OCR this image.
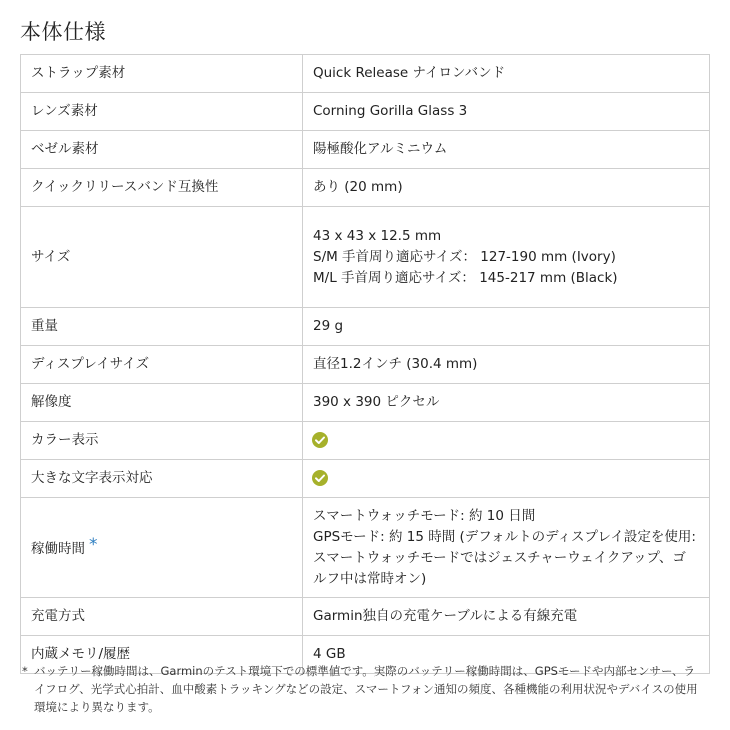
本体仕様
ストラップ素材	Quick Release ナイロンバンド
レンズ素材	Corning Gorilla Glass 3
ベゼル素材	陽極酸化アルミニウム
クイックリリースバンド互換性	あり (20 mm)
サイズ	43 x 43 x 12.5 mm
S/M 手首周り適応サイズ： 127-190 mm (Ivory)
M/L 手首周り適応サイズ： 145-217 mm (Black)

重量	29 g
ディスプレイサイズ	直径1.2インチ (30.4 mm)
解像度	390 x 390 ピクセル
カラー表示	
大きな文字表示対応	
稼働時間 *	スマートウォッチモード: 約 10 日間
GPSモード: 約 15 時間 (デフォルトのディスプレイ設定を使用: スマートウォッチモードではジェスチャーウェイクアップ、ゴルフ中は常時オン)

充電方式	Garmin独自の充電ケーブルによる有線充電
内蔵メモリ/履歴	4 GB
* バッテリー稼働時間は、Garminのテスト環境下での標準値です。実際のバッテリー稼働時間は、GPSモードや内部センサー、ライフログ、光学式心拍計、血中酸素トラッキングなどの設定、スマートフォン通知の頻度、各種機能の利用状況やデバイスの使用環境により異なります。
